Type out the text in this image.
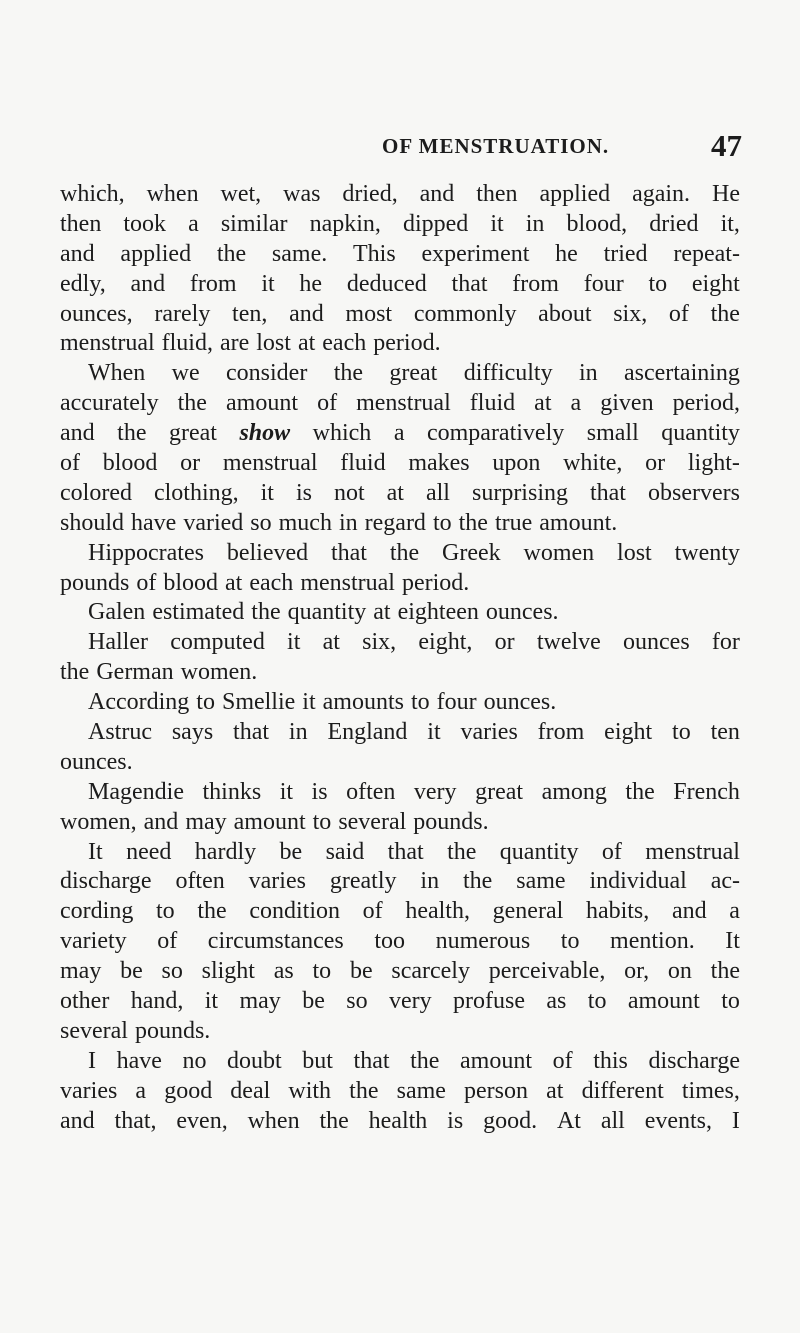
OF MENSTRUATION.	47
which, when wet, was dried, and then applied again. He
then took a similar napkin, dipped it in blood, dried it,
and applied the same. This experiment he tried repeat-
edly, and from it he deduced that from four to eight
ounces, rarely ten, and most commonly about six, of the
menstrual fluid, are lost at each period.
When we consider the great difficulty in ascertaining
accurately the amount of menstrual fluid at a given period,
and the great show which a comparatively small quantity
of blood or menstrual fluid makes upon white, or light-
colored clothing, it is not at all surprising that observers
should have varied so much in regard to the true amount.
Hippocrates believed that the Greek women lost twenty
pounds of blood at each menstrual period.
Galen estimated the quantity at eighteen ounces.
Haller computed it at six, eight, or twelve ounces for
the German women.
According to Smellie it amounts to four ounces.
Astruc says that in England it varies from eight to ten
ounces.
Magendie thinks it is often very great among the French
women, and may amount to several pounds.
It need hardly be said that the quantity of menstrual
discharge often varies greatly in the same individual ac-
cording to the condition of health, general habits, and a
variety of circumstances too numerous to mention. It
may be so slight as to be scarcely perceivable, or, on the
other hand, it may be so very profuse as to amount to
several pounds.
I have no doubt but that the amount of this discharge
varies a good deal with the same person at different times,
and that, even, when the health is good. At all events, I
